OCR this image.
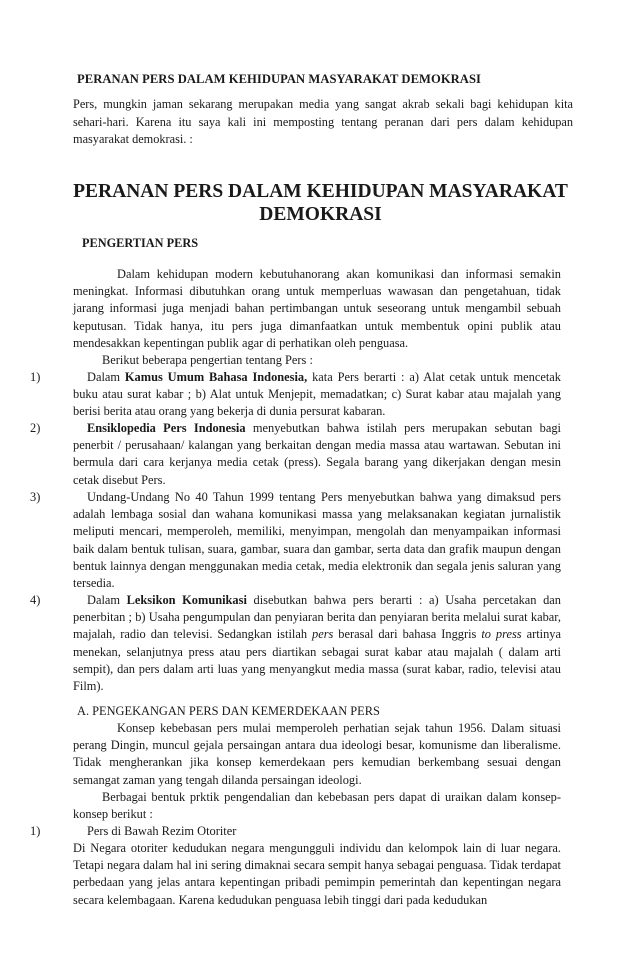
PERANAN PERS DALAM KEHIDUPAN MASYARAKAT DEMOKRASI

Pers, mungkin jaman sekarang merupakan media yang sangat akrab sekali bagi kehidupan kita sehari-hari. Karena itu saya kali ini memposting tentang peranan dari pers dalam kehidupan masyarakat demokrasi. :

PERANAN PERS DALAM KEHIDUPAN MASYARAKAT
DEMOKRASI
PENGERTIAN PERS

Dalam kehidupan modern kebutuhanorang akan komunikasi dan informasi semakin meningkat. Informasi dibutuhkan orang untuk memperluas wawasan dan pengetahuan, tidak jarang informasi juga menjadi bahan pertimbangan untuk seseorang untuk mengambil sebuah keputusan. Tidak hanya, itu pers juga dimanfaatkan untuk membentuk opini publik atau mendesakkan kepentingan publik agar di perhatikan oleh penguasa.

Berikut beberapa pengertian tentang Pers :

1)	Dalam Kamus Umum Bahasa Indonesia, kata Pers berarti : a) Alat cetak untuk mencetak buku atau surat kabar ; b) Alat untuk Menjepit, memadatkan; c) Surat kabar atau majalah yang berisi berita atau orang yang bekerja di dunia persurat kabaran.

2)	Ensiklopedia Pers Indonesia menyebutkan bahwa istilah pers merupakan sebutan bagi penerbit / perusahaan/ kalangan yang berkaitan dengan media massa atau wartawan. Sebutan ini bermula dari cara kerjanya media cetak (press). Segala barang yang dikerjakan dengan mesin cetak disebut Pers.

3)	Undang-Undang No 40 Tahun 1999 tentang Pers menyebutkan bahwa yang dimaksud pers adalah lembaga sosial dan wahana komunikasi massa yang melaksanakan kegiatan jurnalistik meliputi mencari, memperoleh, memiliki, menyimpan, mengolah dan menyampaikan informasi baik dalam bentuk tulisan, suara, gambar, suara dan gambar, serta data dan grafik maupun dengan bentuk lainnya dengan menggunakan media cetak, media elektronik dan segala jenis saluran yang tersedia.

4)	Dalam Leksikon Komunikasi disebutkan bahwa pers berarti : a) Usaha percetakan dan penerbitan ; b) Usaha pengumpulan dan penyiaran berita dan penyiaran berita melalui surat kabar, majalah, radio dan televisi. Sedangkan istilah pers berasal dari bahasa Inggris to press artinya menekan, selanjutnya press atau pers diartikan sebagai surat kabar atau majalah ( dalam arti sempit), dan pers dalam arti luas yang menyangkut media massa (surat kabar, radio, televisi atau Film).

A. PENGEKANGAN PERS DAN KEMERDEKAAN PERS

Konsep kebebasan pers mulai memperoleh perhatian sejak tahun 1956. Dalam situasi perang Dingin, muncul gejala persaingan antara dua ideologi besar, komunisme dan liberalisme. Tidak mengherankan jika konsep kemerdekaan pers kemudian berkembang sesuai dengan semangat zaman yang tengah dilanda persaingan ideologi.

Berbagai bentuk prktik pengendalian dan kebebasan pers dapat di uraikan dalam konsep-konsep berikut :

1)	Pers di Bawah Rezim Otoriter

Di Negara otoriter kedudukan negara mengungguli individu dan kelompok lain di luar negara. Tetapi negara dalam hal ini sering dimaknai secara sempit hanya sebagai penguasa. Tidak terdapat perbedaan yang jelas antara kepentingan pribadi pemimpin pemerintah dan kepentingan negara secara kelembagaan. Karena kedudukan penguasa lebih tinggi dari pada kedudukan
